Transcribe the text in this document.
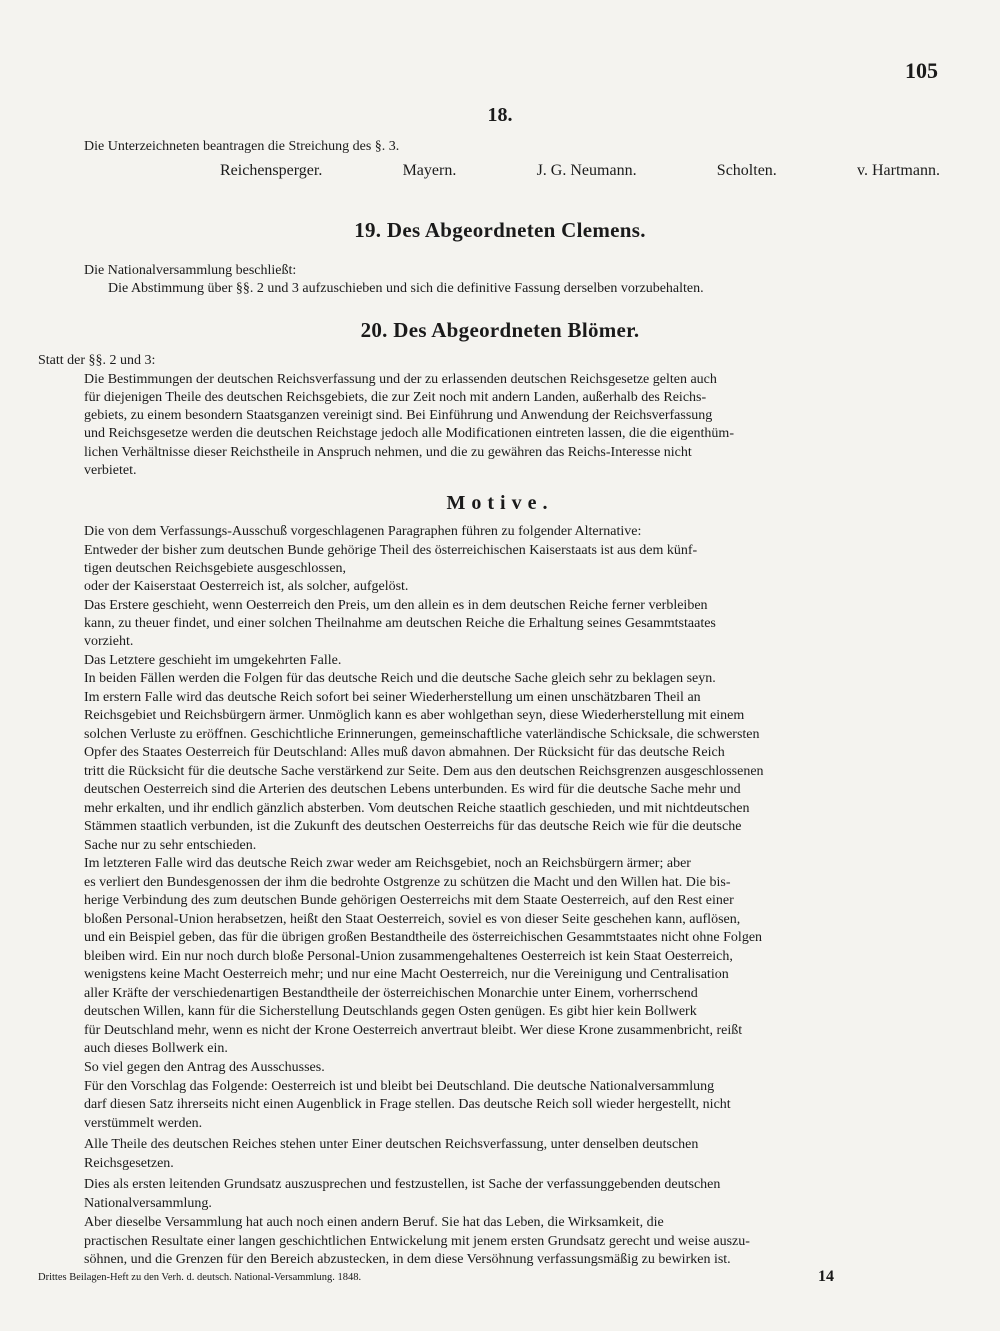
105
18.
Die Unterzeichneten beantragen die Streichung des §. 3.
Reichensperger.	Mayern.	J. G. Neumann.	Scholten.	v. Hartmann.
19. Des Abgeordneten Clemens.
Die Nationalversammlung beschließt:
Die Abstimmung über §§. 2 und 3 aufzuschieben und sich die definitive Fassung derselben vorzubehalten.
20. Des Abgeordneten Blömer.
Statt der §§. 2 und 3:
Die Bestimmungen der deutschen Reichsverfassung und der zu erlassenden deutschen Reichsgesetze gelten auch
für diejenigen Theile des deutschen Reichsgebiets, die zur Zeit noch mit andern Landen, außerhalb des Reichs-
gebiets, zu einem besondern Staatsganzen vereinigt sind. Bei Einführung und Anwendung der Reichsverfassung
und Reichsgesetze werden die deutschen Reichstage jedoch alle Modificationen eintreten lassen, die die eigenthüm-
lichen Verhältnisse dieser Reichstheile in Anspruch nehmen, und die zu gewähren das Reichs-Interesse nicht
verbietet.
Motive.
Die von dem Verfassungs-Ausschuß vorgeschlagenen Paragraphen führen zu folgender Alternative:
Entweder der bisher zum deutschen Bunde gehörige Theil des österreichischen Kaiserstaats ist aus dem künf-
tigen deutschen Reichsgebiete ausgeschlossen,
oder der Kaiserstaat Oesterreich ist, als solcher, aufgelöst.
Das Erstere geschieht, wenn Oesterreich den Preis, um den allein es in dem deutschen Reiche ferner verbleiben
kann, zu theuer findet, und einer solchen Theilnahme am deutschen Reiche die Erhaltung seines Gesammtstaates
vorzieht.
Das Letztere geschieht im umgekehrten Falle.
In beiden Fällen werden die Folgen für das deutsche Reich und die deutsche Sache gleich sehr zu beklagen seyn.
Im erstern Falle wird das deutsche Reich sofort bei seiner Wiederherstellung um einen unschätzbaren Theil an
Reichsgebiet und Reichsbürgern ärmer. Unmöglich kann es aber wohlgethan seyn, diese Wiederherstellung mit einem
solchen Verluste zu eröffnen. Geschichtliche Erinnerungen, gemeinschaftliche vaterländische Schicksale, die schwersten
Opfer des Staates Oesterreich für Deutschland: Alles muß davon abmahnen. Der Rücksicht für das deutsche Reich
tritt die Rücksicht für die deutsche Sache verstärkend zur Seite. Dem aus den deutschen Reichsgrenzen ausgeschlossenen
deutschen Oesterreich sind die Arterien des deutschen Lebens unterbunden. Es wird für die deutsche Sache mehr und
mehr erkalten, und ihr endlich gänzlich absterben. Vom deutschen Reiche staatlich geschieden, und mit nichtdeutschen
Stämmen staatlich verbunden, ist die Zukunft des deutschen Oesterreichs für das deutsche Reich wie für die deutsche
Sache nur zu sehr entschieden.
Im letzteren Falle wird das deutsche Reich zwar weder am Reichsgebiet, noch an Reichsbürgern ärmer; aber
es verliert den Bundesgenossen der ihm die bedrohte Ostgrenze zu schützen die Macht und den Willen hat. Die bis-
herige Verbindung des zum deutschen Bunde gehörigen Oesterreichs mit dem Staate Oesterreich, auf den Rest einer
bloßen Personal-Union herabsetzen, heißt den Staat Oesterreich, soviel es von dieser Seite geschehen kann, auflösen,
und ein Beispiel geben, das für die übrigen großen Bestandtheile des österreichischen Gesammtstaates nicht ohne Folgen
bleiben wird. Ein nur noch durch bloße Personal-Union zusammengehaltenes Oesterreich ist kein Staat Oesterreich,
wenigstens keine Macht Oesterreich mehr; und nur eine Macht Oesterreich, nur die Vereinigung und Centralisation
aller Kräfte der verschiedenartigen Bestandtheile der österreichischen Monarchie unter Einem, vorherrschend
deutschen Willen, kann für die Sicherstellung Deutschlands gegen Osten genügen. Es gibt hier kein Bollwerk
für Deutschland mehr, wenn es nicht der Krone Oesterreich anvertraut bleibt. Wer diese Krone zusammenbricht, reißt
auch dieses Bollwerk ein.
So viel gegen den Antrag des Ausschusses.
Für den Vorschlag das Folgende: Oesterreich ist und bleibt bei Deutschland. Die deutsche Nationalversammlung
darf diesen Satz ihrerseits nicht einen Augenblick in Frage stellen. Das deutsche Reich soll wieder hergestellt, nicht
verstümmelt werden.
Alle Theile des deutschen Reiches stehen unter Einer deutschen Reichsverfassung, unter denselben deutschen
Reichsgesetzen.
Dies als ersten leitenden Grundsatz auszusprechen und festzustellen, ist Sache der verfassunggebenden deutschen
Nationalversammlung.
Aber dieselbe Versammlung hat auch noch einen andern Beruf. Sie hat das Leben, die Wirksamkeit, die
practischen Resultate einer langen geschichtlichen Entwickelung mit jenem ersten Grundsatz gerecht und weise auszu-
söhnen, und die Grenzen für den Bereich abzustecken, in dem diese Versöhnung verfassungsmäßig zu bewirken ist.
Drittes Beilagen-Heft zu den Verh. d. deutsch. National-Versammlung. 1848.	14
